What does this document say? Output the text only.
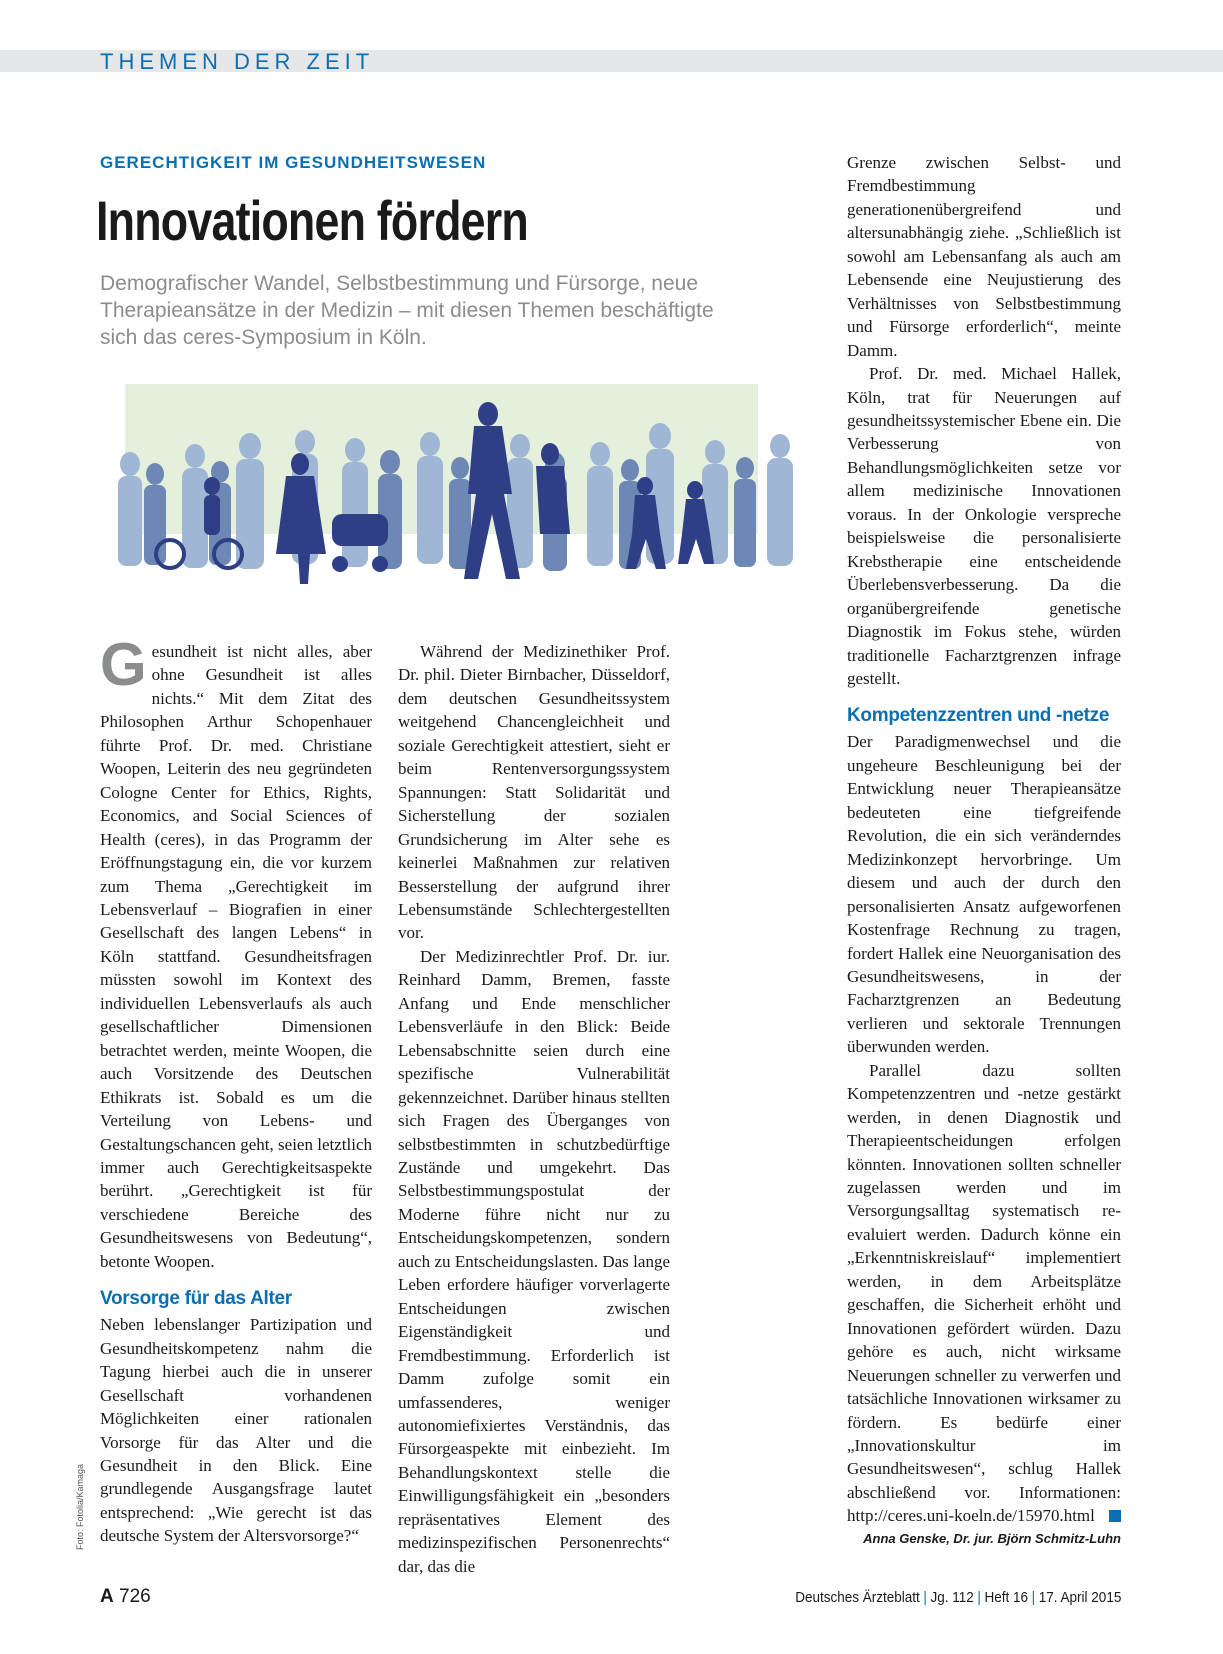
THEMEN DER ZEIT
GERECHTIGKEIT IM GESUNDHEITSWESEN
Innovationen fördern
Demografischer Wandel, Selbstbestimmung und Fürsorge, neue Therapieansätze in der Medizin – mit diesen Themen beschäftigte sich das ceres-Symposium in Köln.

Gesundheit ist nicht alles, aber ohne Gesundheit ist alles nichts.“ Mit dem Zitat des Philosophen Arthur Schopenhauer führte Prof. Dr. med. Christiane Woopen, Leiterin des neu gegründeten Cologne Center for Ethics, Rights, Economics, and Social Sciences of Health (ceres), in das Programm der Eröffnungstagung ein, die vor kurzem zum Thema „Gerechtigkeit im Lebensverlauf – Biografien in einer Gesellschaft des langen Lebens“ in Köln stattfand. Gesundheitsfragen müssten sowohl im Kontext des individuellen Lebensverlaufs als auch gesellschaftlicher Dimensionen betrachtet werden, meinte Woopen, die auch Vorsitzende des Deutschen Ethikrats ist. Sobald es um die Verteilung von Lebens- und Gestaltungschancen geht, seien letztlich immer auch Gerechtigkeitsaspekte berührt. „Gerechtigkeit ist für verschiedene Bereiche des Gesundheitswesens von Bedeutung“, betonte Woopen.

Vorsorge für das Alter

Neben lebenslanger Partizipation und Gesundheitskompetenz nahm die Tagung hierbei auch die in unserer Gesellschaft vorhandenen Möglichkeiten einer rationalen Vorsorge für das Alter und die Gesundheit in den Blick. Eine grundlegende Ausgangsfrage lautet entsprechend: „Wie gerecht ist das deutsche System der Altersvorsorge?“

Während der Medizinethiker Prof. Dr. phil. Dieter Birnbacher, Düsseldorf, dem deutschen Gesundheitssystem weitgehend Chancengleichheit und soziale Gerechtigkeit attestiert, sieht er beim Rentenversorgungssystem Spannungen: Statt Solidarität und Sicherstellung der sozialen Grundsicherung im Alter sehe es keinerlei Maßnahmen zur relativen Besserstellung der aufgrund ihrer Lebensumstände Schlechtergestellten vor.

Der Medizinrechtler Prof. Dr. iur. Reinhard Damm, Bremen, fasste Anfang und Ende menschlicher Lebensverläufe in den Blick: Beide Lebensabschnitte seien durch eine spezifische Vulnerabilität gekennzeichnet. Darüber hinaus stellten sich Fragen des Überganges von selbstbestimmten in schutzbedürftige Zustände und umgekehrt. Das Selbstbestimmungspostulat der Moderne führe nicht nur zu Entscheidungskompetenzen, sondern auch zu Entscheidungslasten. Das lange Leben erfordere häufiger vorverlagerte Entscheidungen zwischen Eigenständigkeit und Fremdbestimmung. Erforderlich ist Damm zufolge somit ein umfassenderes, weniger autonomiefixiertes Verständnis, das Fürsorgeaspekte mit einbezieht. Im Behandlungskontext stelle die Einwilligungsfähigkeit ein „besonders repräsentatives Element des medizinspezifischen Personenrechts“ dar, das die

Grenze zwischen Selbst- und Fremdbestimmung generationenübergreifend und altersunabhängig ziehe. „Schließlich ist sowohl am Lebensanfang als auch am Lebensende eine Neujustierung des Verhältnisses von Selbstbestimmung und Fürsorge erforderlich“, meinte Damm.

Prof. Dr. med. Michael Hallek, Köln, trat für Neuerungen auf gesundheitssystemischer Ebene ein. Die Verbesserung von Behandlungsmöglichkeiten setze vor allem medizinische Innovationen voraus. In der Onkologie verspreche beispielsweise die personalisierte Krebstherapie eine entscheidende Überlebensverbesserung. Da die organübergreifende genetische Diagnostik im Fokus stehe, würden traditionelle Facharztgrenzen infrage gestellt.

Kompetenzzentren und -netze

Der Paradigmenwechsel und die ungeheure Beschleunigung bei der Entwicklung neuer Therapieansätze bedeuteten eine tiefgreifende Revolution, die ein sich veränderndes Medizinkonzept hervorbringe. Um diesem und auch der durch den personalisierten Ansatz aufgeworfenen Kostenfrage Rechnung zu tragen, fordert Hallek eine Neuorganisation des Gesundheitswesens, in der Facharztgrenzen an Bedeutung verlieren und sektorale Trennungen überwunden werden.

Parallel dazu sollten Kompetenzzentren und -netze gestärkt werden, in denen Diagnostik und Therapieentscheidungen erfolgen könnten. Innovationen sollten schneller zugelassen werden und im Versorgungsalltag systematisch re-evaluiert werden. Dadurch könne ein „Erkenntniskreislauf“ implementiert werden, in dem Arbeitsplätze geschaffen, die Sicherheit erhöht und Innovationen gefördert würden. Dazu gehöre es auch, nicht wirksame Neuerungen schneller zu verwerfen und tatsächliche Innovationen wirksamer zu fördern. Es bedürfe einer „Innovationskultur im Gesundheitswesen“, schlug Hallek abschließend vor. Informationen: http://ceres.uni-koeln.de/15970.html

Anna Genske, Dr. jur. Björn Schmitz-Luhn
Foto: Fotolia/Kamaga
A 726	Deutsches Ärzteblatt | Jg. 112 | Heft 16 | 17. April 2015
